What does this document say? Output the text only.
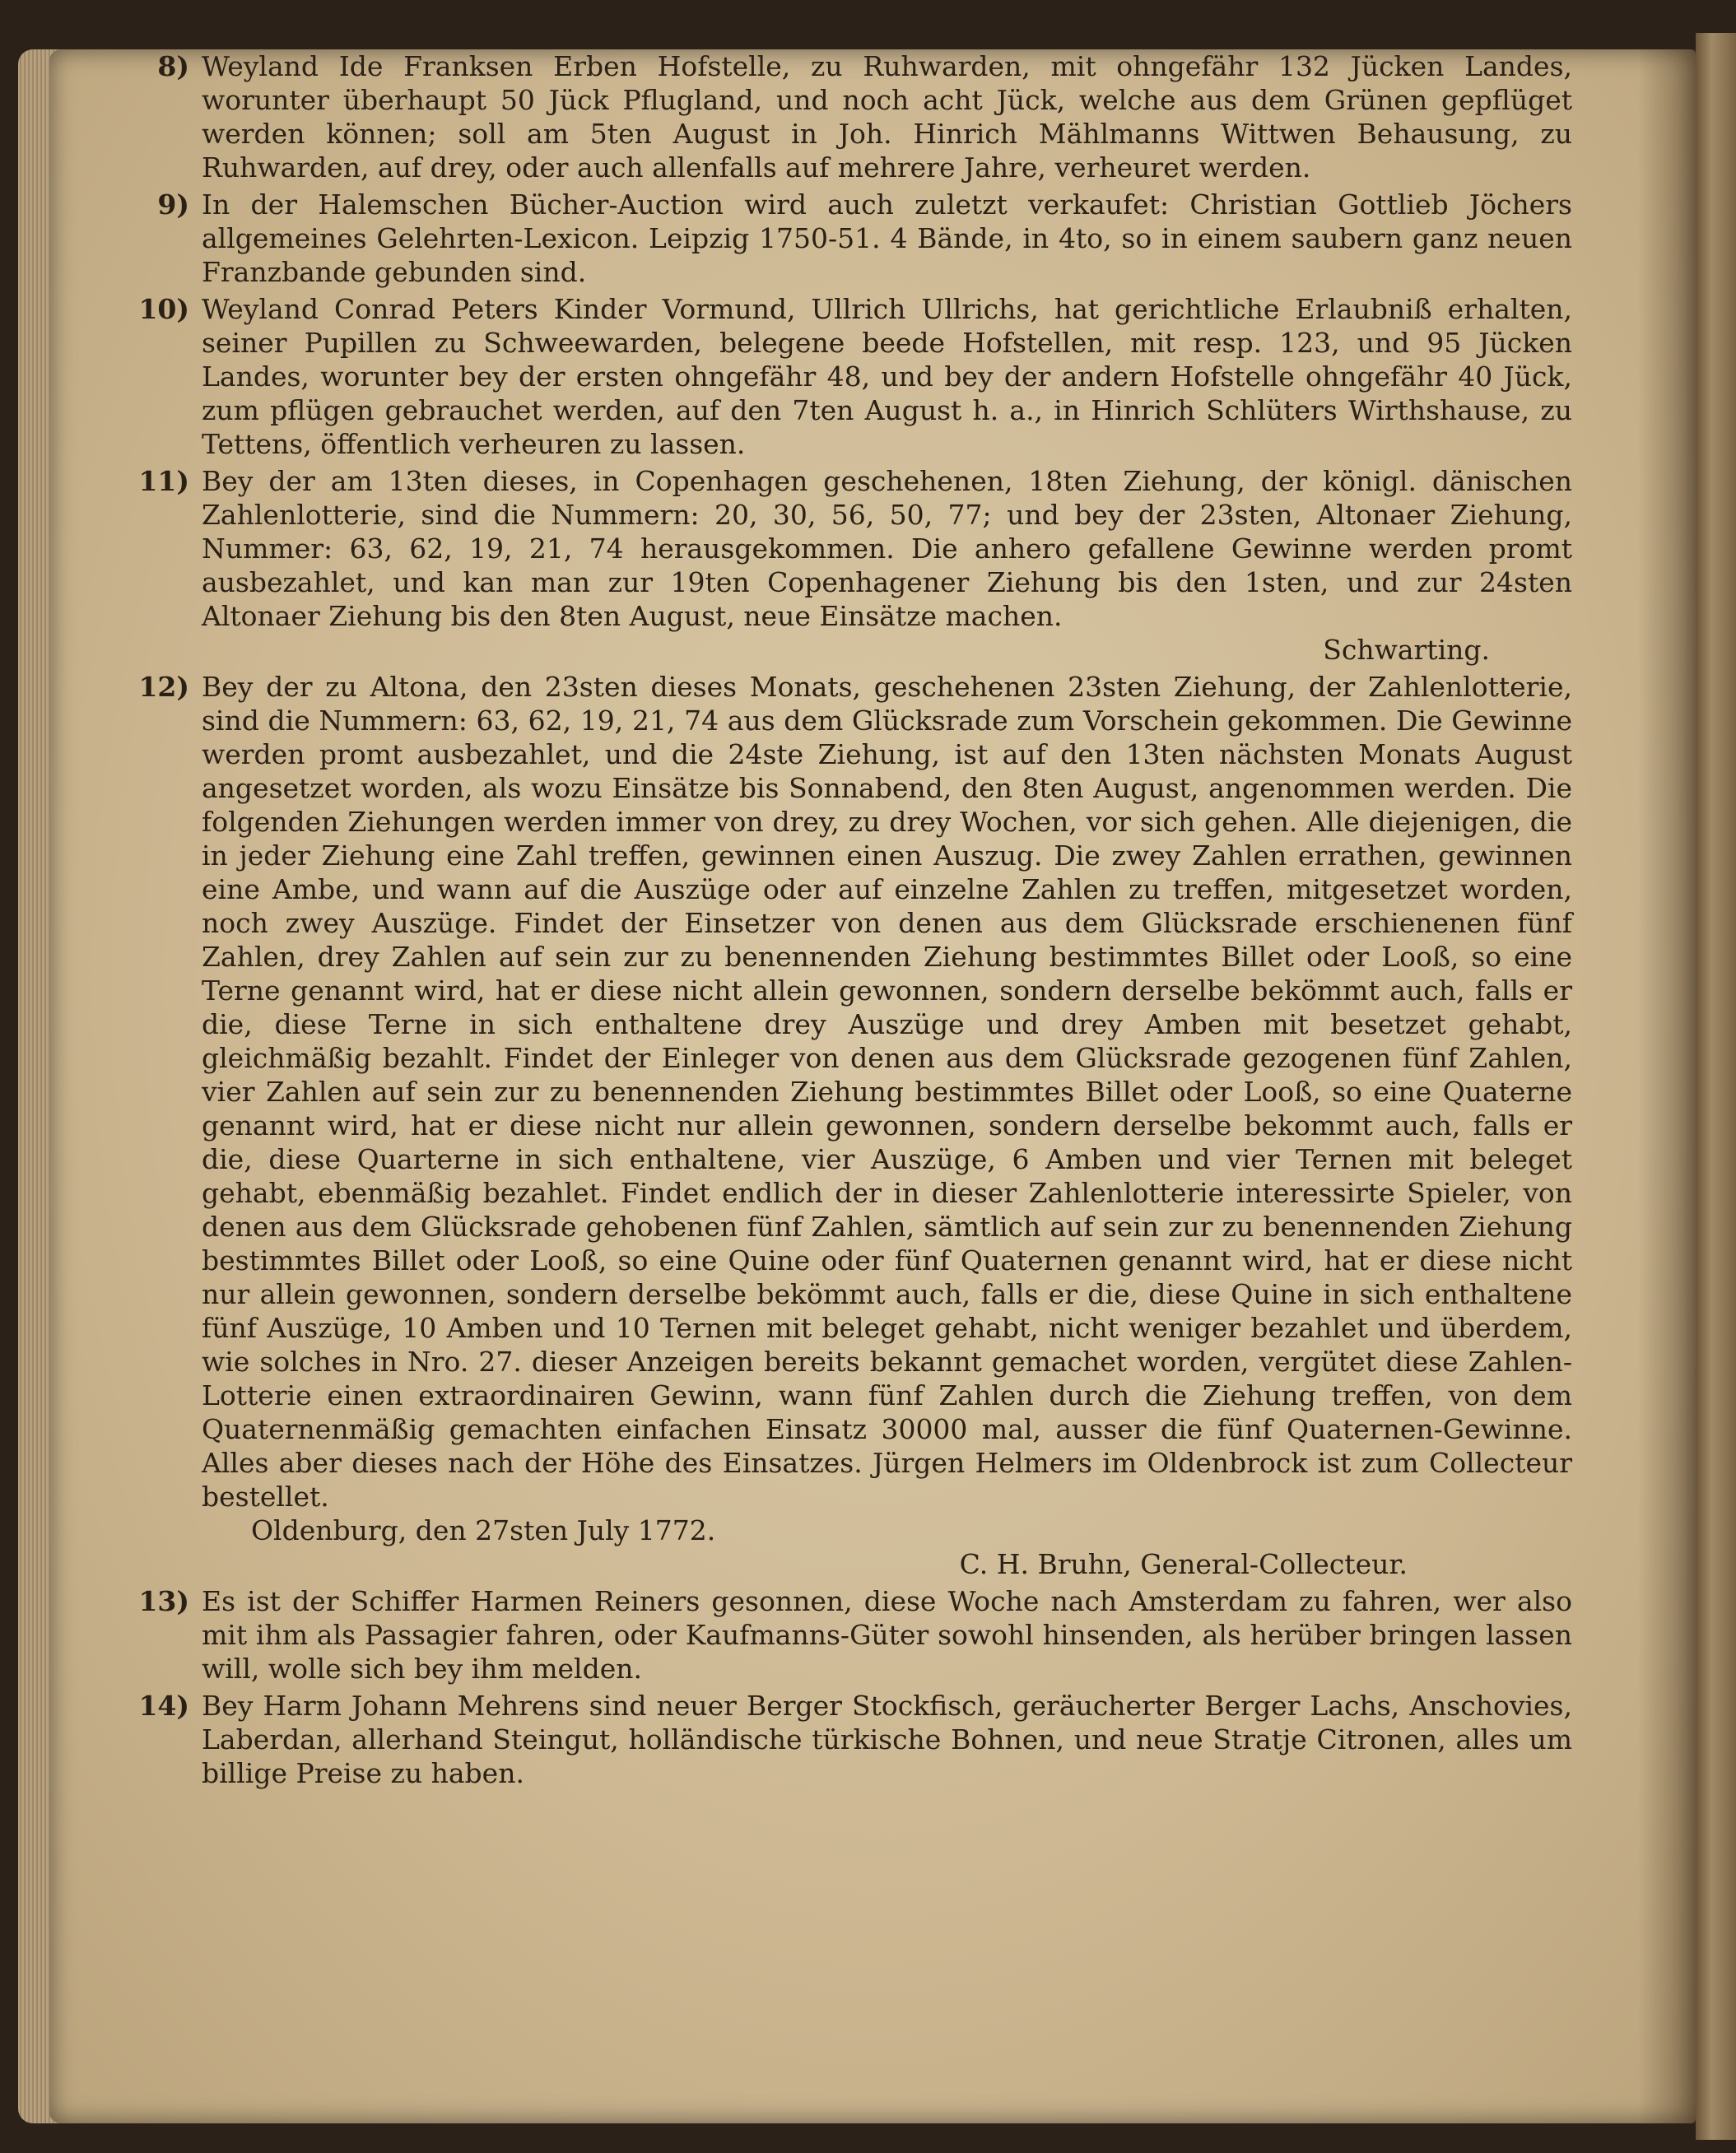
8) Weyland Ide Franksen Erben Hofstelle, zu Ruhwarden, mit ohngefähr 132 Jücken Landes, worunter überhaupt 50 Jück Pflugland, und noch acht Jück, welche aus dem Grünen gepflüget werden können; soll am 5ten August in Joh. Hinrich Mählmanns Wittwen Behausung, zu Ruhwarden, auf drey, oder auch allenfalls auf mehrere Jahre, verheuret werden.
9) In der Halemschen Bücher-Auction wird auch zuletzt verkaufet: Christian Gottlieb Jöchers allgemeines Gelehrten-Lexicon. Leipzig 1750-51. 4 Bände, in 4to, so in einem saubern ganz neuen Franzbande gebunden sind.
10) Weyland Conrad Peters Kinder Vormund, Ullrich Ullrichs, hat gerichtliche Erlaubniß erhalten, seiner Pupillen zu Schweewarden, belegene beede Hofstellen, mit resp. 123, und 95 Jücken Landes, worunter bey der ersten ohngefähr 48, und bey der andern Hofstelle ohngefähr 40 Jück, zum pflügen gebrauchet werden, auf den 7ten August h. a., in Hinrich Schlüters Wirthshause, zu Tettens, öffentlich verheuren zu lassen.
11) Bey der am 13ten dieses, in Copenhagen geschehenen, 18ten Ziehung, der königl. dänischen Zahlenlotterie, sind die Nummern: 20, 30, 56, 50, 77; und bey der 23sten, Altonaer Ziehung, Nummer: 63, 62, 19, 21, 74 herausgekommen. Die anhero gefallene Gewinne werden promt ausbezahlet, und kan man zur 19ten Copenhagener Ziehung bis den 1sten, und zur 24sten Altonaer Ziehung bis den 8ten August, neue Einsätze machen.
Schwarting.
12) Bey der zu Altona, den 23sten dieses Monats, geschehenen 23sten Ziehung, der Zahlenlotterie, sind die Nummern: 63, 62, 19, 21, 74 aus dem Glücksrade zum Vorschein gekommen. Die Gewinne werden promt ausbezahlet, und die 24ste Ziehung, ist auf den 13ten nächsten Monats August angesetzet worden, als wozu Einsätze bis Sonnabend, den 8ten August, angenommen werden. Die folgenden Ziehungen werden immer von drey, zu drey Wochen, vor sich gehen. Alle diejenigen, die in jeder Ziehung eine Zahl treffen, gewinnen einen Auszug. Die zwey Zahlen errathen, gewinnen eine Ambe, und wann auf die Auszüge oder auf einzelne Zahlen zu treffen, mitgesetzet worden, noch zwey Auszüge. Findet der Einsetzer von denen aus dem Glücksrade erschienenen fünf Zahlen, drey Zahlen auf sein zur zu benennenden Ziehung bestimmtes Billet oder Looß, so eine Terne genannt wird, hat er diese nicht allein gewonnen, sondern derselbe bekömmt auch, falls er die, diese Terne in sich enthaltene drey Auszüge und drey Amben mit besetzet gehabt, gleichmäßig bezahlt. Findet der Einleger von denen aus dem Glücksrade gezogenen fünf Zahlen, vier Zahlen auf sein zur zu benennenden Ziehung bestimmtes Billet oder Looß, so eine Quaterne genannt wird, hat er diese nicht nur allein gewonnen, sondern derselbe bekommt auch, falls er die, diese Quarterne in sich enthaltene, vier Auszüge, 6 Amben und vier Ternen mit beleget gehabt, ebenmäßig bezahlet. Findet endlich der in dieser Zahlenlotterie interessirte Spieler, von denen aus dem Glücksrade gehobenen fünf Zahlen, sämtlich auf sein zur zu benennenden Ziehung bestimmtes Billet oder Looß, so eine Quine oder fünf Quaternen genannt wird, hat er diese nicht nur allein gewonnen, sondern derselbe bekömmt auch, falls er die, diese Quine in sich enthaltene fünf Auszüge, 10 Amben und 10 Ternen mit beleget gehabt, nicht weniger bezahlet und überdem, wie solches in Nro. 27. dieser Anzeigen bereits bekannt gemachet worden, vergütet diese Zahlen-Lotterie einen extraordinairen Gewinn, wann fünf Zahlen durch die Ziehung treffen, von dem Quaternenmäßig gemachten einfachen Einsatz 30000 mal, ausser die fünf Quaternen-Gewinne. Alles aber dieses nach der Höhe des Einsatzes. Jürgen Helmers im Oldenbrock ist zum Collecteur bestellet.
Oldenburg, den 27sten July 1772.
C. H. Bruhn, General-Collecteur.
13) Es ist der Schiffer Harmen Reiners gesonnen, diese Woche nach Amsterdam zu fahren, wer also mit ihm als Passagier fahren, oder Kaufmanns-Güter sowohl hinsenden, als herüber bringen lassen will, wolle sich bey ihm melden.
14) Bey Harm Johann Mehrens sind neuer Berger Stockfisch, geräucherter Berger Lachs, Anschovies, Laberdan, allerhand Steingut, holländische türkische Bohnen, und neue Stratje Citronen, alles um billige Preise zu haben.
